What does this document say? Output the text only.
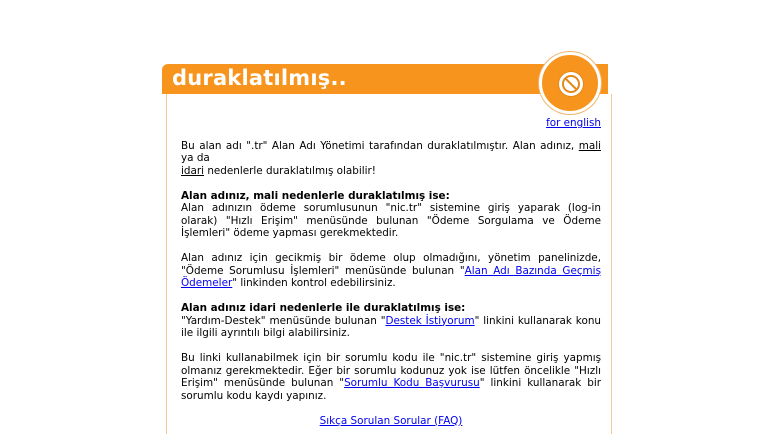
duraklatılmış..

for english

Bu alan adı ".tr" Alan Adı Yönetimi tarafından duraklatılmıştır. Alan adınız, mali ya da
idari nedenlerle duraklatılmış olabilir!

Alan adınız, mali nedenlerle duraklatılmış ise:
Alan adınızın ödeme sorumlusunun "nic.tr" sistemine giriş yaparak (log-in olarak) "Hızlı Erişim" menüsünde bulunan "Ödeme Sorgulama ve Ödeme İşlemleri" ödeme yapması gerekmektedir.

Alan adınız için gecikmiş bir ödeme olup olmadığını, yönetim panelinizde, "Ödeme Sorumlusu İşlemleri" menüsünde bulunan "Alan Adı Bazında Geçmiş Ödemeler" linkinden kontrol edebilirsiniz.

Alan adınız idari nedenlerle ile duraklatılmış ise:
"Yardım-Destek" menüsünde bulunan "Destek İstiyorum" linkini kullanarak konu ile ilgili ayrıntılı bilgi alabilirsiniz.

Bu linki kullanabilmek için bir sorumlu kodu ile "nic.tr" sistemine giriş yapmış olmanız gerekmektedir. Eğer bir sorumlu kodunuz yok ise lütfen öncelikle "Hızlı Erişim" menüsünde bulunan "Sorumlu Kodu Başvurusu" linkini kullanarak bir sorumlu kodu kaydı yapınız.

Sıkça Sorulan Sorular (FAQ)
